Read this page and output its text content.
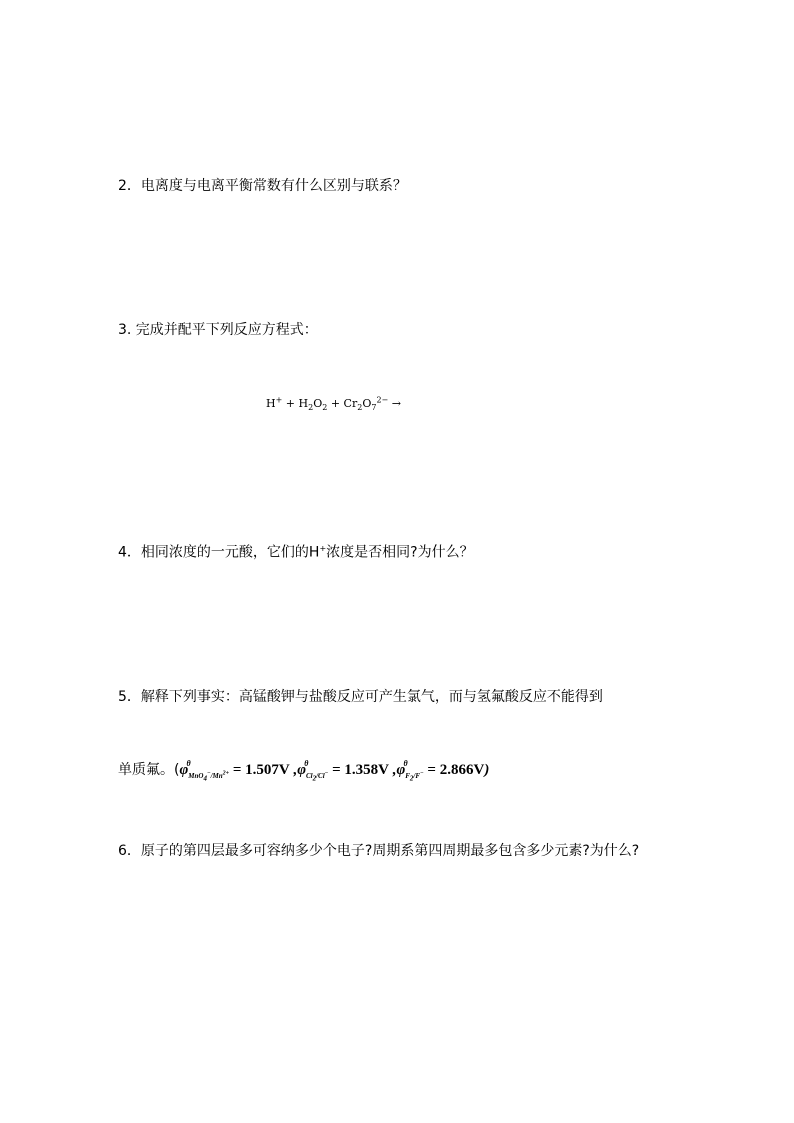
2．电离度与电离平衡常数有什么区别与联系？
3. 完成并配平下列反应方程式：
$H^+ + H_2O_2 + Cr_2O_7^{2-}$ →
4．相同浓度的一元酸，它们的H+浓度是否相同?为什么？
5．解释下列事实：高锰酸钾与盐酸反应可产生氯气，而与氢氟酸反应不能得到
单质氟。(φ
θ
$_{MnO_4^-/Mn^{2+}}$ = 1.507V ,φ
θ
$_{Cl_2/Cl^-}$ = 1.358V ,φ
θ
$_{F_2/F^-}$ = 2.866V)
6．原子的第四层最多可容纳多少个电子?周期系第四周期最多包含多少元素?为什么?
